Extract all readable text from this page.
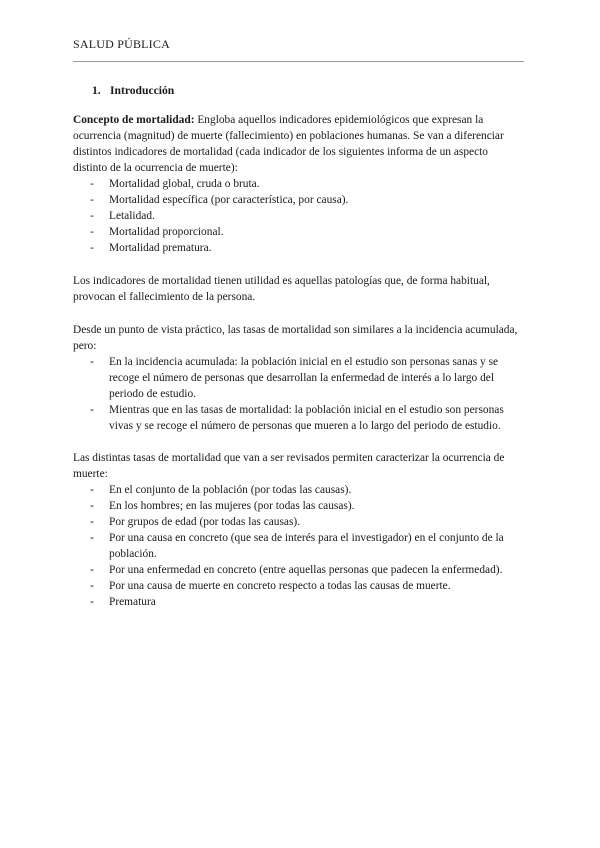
SALUD PÚBLICA
1. Introducción

Concepto de mortalidad: Engloba aquellos indicadores epidemiológicos que expresan la ocurrencia (magnitud) de muerte (fallecimiento) en poblaciones humanas. Se van a diferenciar distintos indicadores de mortalidad (cada indicador de los siguientes informa de un aspecto distinto de la ocurrencia de muerte):

- Mortalidad global, cruda o bruta.
- Mortalidad específica (por característica, por causa).
- Letalidad.
- Mortalidad proporcional.
- Mortalidad prematura.

Los indicadores de mortalidad tienen utilidad es aquellas patologías que, de forma habitual, provocan el fallecimiento de la persona.

Desde un punto de vista práctico, las tasas de mortalidad son similares a la incidencia acumulada, pero:

- En la incidencia acumulada: la población inicial en el estudio son personas sanas y se recoge el número de personas que desarrollan la enfermedad de interés a lo largo del periodo de estudio.
- Mientras que en las tasas de mortalidad: la población inicial en el estudio son personas vivas y se recoge el número de personas que mueren a lo largo del periodo de estudio.

Las distintas tasas de mortalidad que van a ser revisados permiten caracterizar la ocurrencia de muerte:

- En el conjunto de la población (por todas las causas).
- En los hombres; en las mujeres (por todas las causas).
- Por grupos de edad (por todas las causas).
- Por una causa en concreto (que sea de interés para el investigador) en el conjunto de la población.
- Por una enfermedad en concreto (entre aquellas personas que padecen la enfermedad).
- Por una causa de muerte en concreto respecto a todas las causas de muerte.
- Prematura
